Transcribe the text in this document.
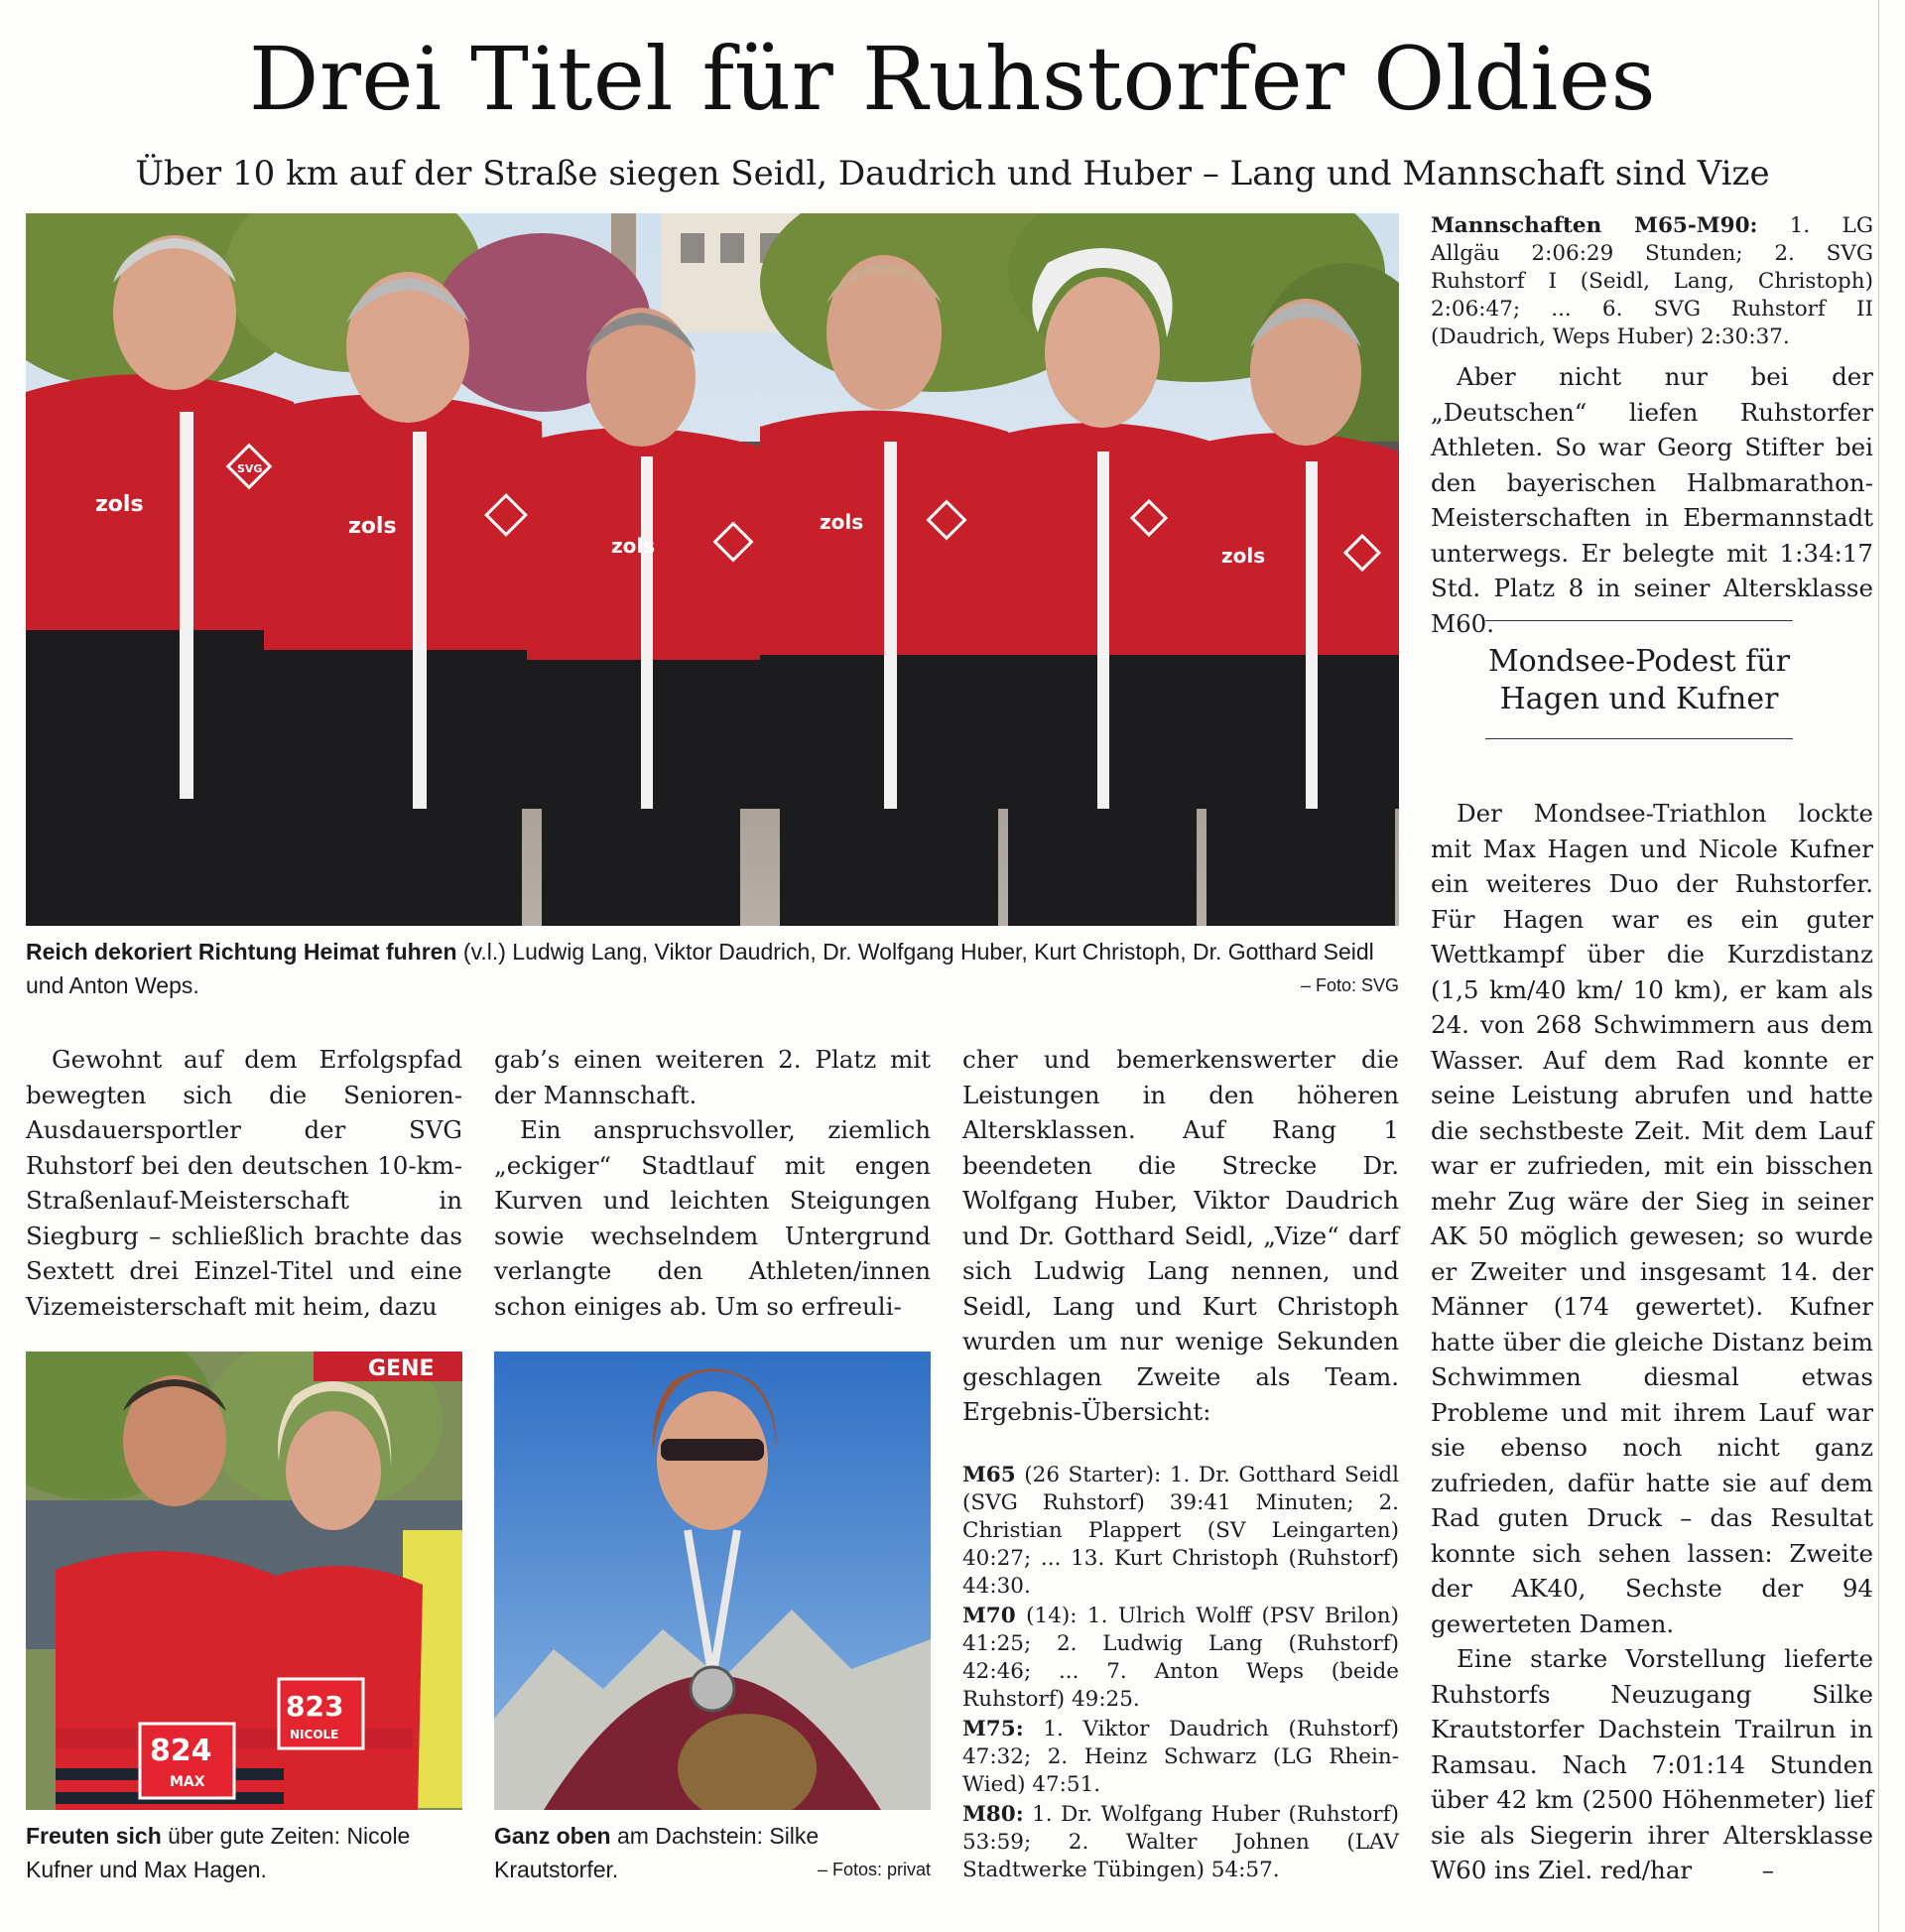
Drei Titel für Ruhstorfer Oldies
Über 10 km auf der Straße siegen Seidl, Daudrich und Huber – Lang und Mannschaft sind Vize
zols
zols
zols
zols
zols
SVG
Reich dekoriert Richtung Heimat fuhren (v.l.) Ludwig Lang, Viktor Daudrich, Dr. Wolfgang Huber, Kurt Christoph, Dr. Gotthard Seidl und Anton Weps.	– Foto: SVG
GENE
824
MAX
823
NICOLE
Freuten sich über gute Zeiten: Nicole Kufner und Max Hagen.
Ganz oben am Dachstein: Silke Krautstorfer.	– Fotos: privat

Gewohnt auf dem Erfolgspfad bewegten sich die Senioren-Ausdauersportler der SVG Ruhstorf bei den deutschen 10-km-Straßenlauf-Meisterschaft in Siegburg – schließlich brachte das Sextett drei Einzel-Titel und eine Vizemeisterschaft mit heim, dazu

gab’s einen weiteren 2. Platz mit der Mannschaft.

Ein anspruchsvoller, ziemlich „eckiger“ Stadtlauf mit engen Kurven und leichten Steigungen sowie wechselndem Untergrund verlangte den Athleten/innen schon einiges ab. Um so erfreuli-

cher und bemerkenswerter die Leistungen in den höheren Altersklassen. Auf Rang 1 beendeten die Strecke Dr. Wolfgang Huber, Viktor Daudrich und Dr. Gotthard Seidl, „Vize“ darf sich Ludwig Lang nennen, und Seidl, Lang und Kurt Christoph wurden um nur wenige Sekunden geschlagen Zweite als Team. Ergebnis-Übersicht:

M65 (26 Starter): 1. Dr. Gotthard Seidl (SVG Ruhstorf) 39:41 Minuten; 2. Christian Plappert (SV Leingarten) 40:27; ... 13. Kurt Christoph (Ruhstorf) 44:30.

M70 (14): 1. Ulrich Wolff (PSV Brilon) 41:25; 2. Ludwig Lang (Ruhstorf) 42:46; ... 7. Anton Weps (beide Ruhstorf) 49:25.

M75: 1. Viktor Daudrich (Ruhstorf) 47:32; 2. Heinz Schwarz (LG Rhein-Wied) 47:51.

M80: 1. Dr. Wolfgang Huber (Ruhstorf) 53:59; 2. Walter Johnen (LAV Stadtwerke Tübingen) 54:57.

Mannschaften M65-M90: 1. LG Allgäu 2:06:29 Stunden; 2. SVG Ruhstorf I (Seidl, Lang, Christoph) 2:06:47; ... 6. SVG Ruhstorf II (Daudrich, Weps Huber) 2:30:37.

Aber nicht nur bei der „Deutschen“ liefen Ruhstorfer Athleten. So war Georg Stifter bei den bayerischen Halbmarathon-Meisterschaften in Ebermannstadt unterwegs. Er belegte mit 1:34:17 Std. Platz 8 in seiner Altersklasse M60.

Mondsee-Podest für Hagen und Kufner

Der Mondsee-Triathlon lockte mit Max Hagen und Nicole Kufner ein weiteres Duo der Ruhstorfer. Für Hagen war es ein guter Wettkampf über die Kurzdistanz (1,5 km/40 km/ 10 km), er kam als 24. von 268 Schwimmern aus dem Wasser. Auf dem Rad konnte er seine Leistung abrufen und hatte die sechstbeste Zeit. Mit dem Lauf war er zufrieden, mit ein bisschen mehr Zug wäre der Sieg in seiner AK 50 möglich gewesen; so wurde er Zweiter und insgesamt 14. der Männer (174 gewertet). Kufner hatte über die gleiche Distanz beim Schwimmen diesmal etwas Probleme und mit ihrem Lauf war sie ebenso noch nicht ganz zufrieden, dafür hatte sie auf dem Rad guten Druck – das Resultat konnte sich sehen lassen: Zweite der AK40, Sechste der 94 gewerteten Damen.

Eine starke Vorstellung lieferte Ruhstorfs Neuzugang Silke Krautstorfer Dachstein Trailrun in Ramsau. Nach 7:01:14 Stunden über 42 km (2500 Höhenmeter) lief sie als Siegerin ihrer Altersklasse W60 ins Ziel. red/har	–
